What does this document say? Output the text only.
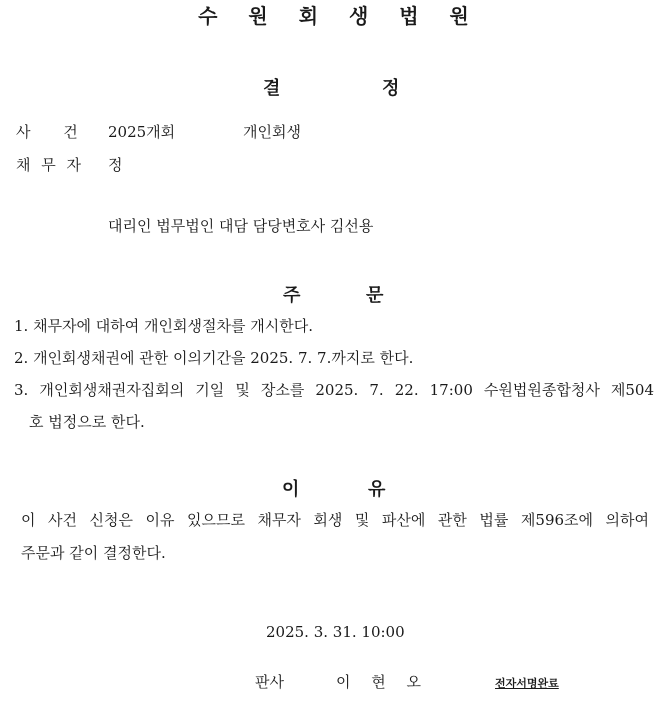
수 원 회 생 법 원
결	정
사 건 2025개회	개인회생
채 무 자 정
대리인 법무법인 대담 담당변호사 김선용
주	문
1. 채무자에 대하여 개인회생절차를 개시한다.
2. 개인회생채권에 관한 이의기간을 2025. 7. 7.까지로 한다.
3. 개인회생채권자집회의 기일 및 장소를 2025. 7. 22. 17:00 수원법원종합청사 제504
호 법정으로 한다.
이	유
이 사건 신청은 이유 있으므로 채무자 회생 및 파산에 관한 법률 제596조에 의하여
주문과 같이 결정한다.
2025. 3. 31. 10:00
판사	이 현 오	전자서명완료
